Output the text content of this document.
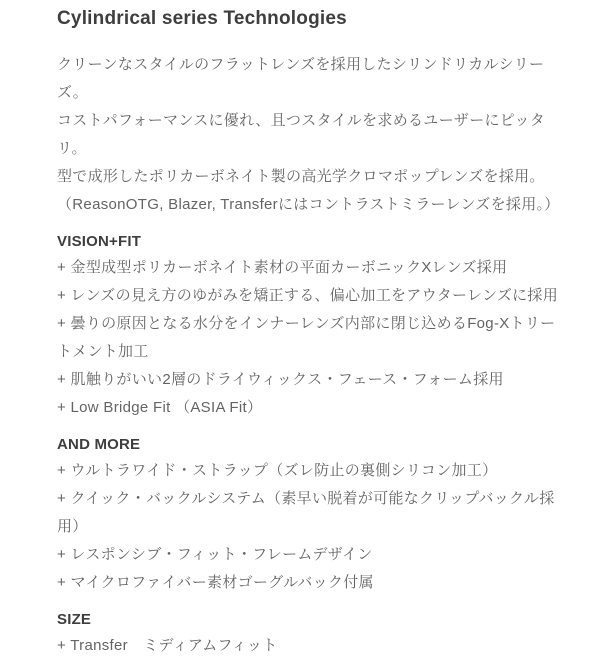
Cylindrical series Technologies
クリーンなスタイルのフラットレンズを採用したシリンドリカルシリーズ。
コストパフォーマンスに優れ、且つスタイルを求めるユーザーにピッタリ。
型で成形したポリカーボネイト製の高光学クロマポップレンズを採用。
（ReasonOTG, Blazer, Transferにはコントラストミラーレンズを採用。）
VISION+FIT
+ 金型成型ポリカーボネイト素材の平面カーボニックXレンズ採用
+ レンズの見え方のゆがみを矯正する、偏心加工をアウターレンズに採用
+ 曇りの原因となる水分をインナーレンズ内部に閉じ込めるFog-Xトリートメント加工
+ 肌触りがいい2層のドライウィックス・フェース・フォーム採用
+ Low Bridge Fit （ASIA Fit）
AND MORE
+ ウルトラワイド・ストラップ（ズレ防止の裏側シリコン加工）
+ クイック・バックルシステム（素早い脱着が可能なクリップバックル採用）
+ レスポンシブ・フィット・フレームデザイン
+ マイクロファイバー素材ゴーグルバック付属
SIZE
+ Transfer　ミディアムフィット
